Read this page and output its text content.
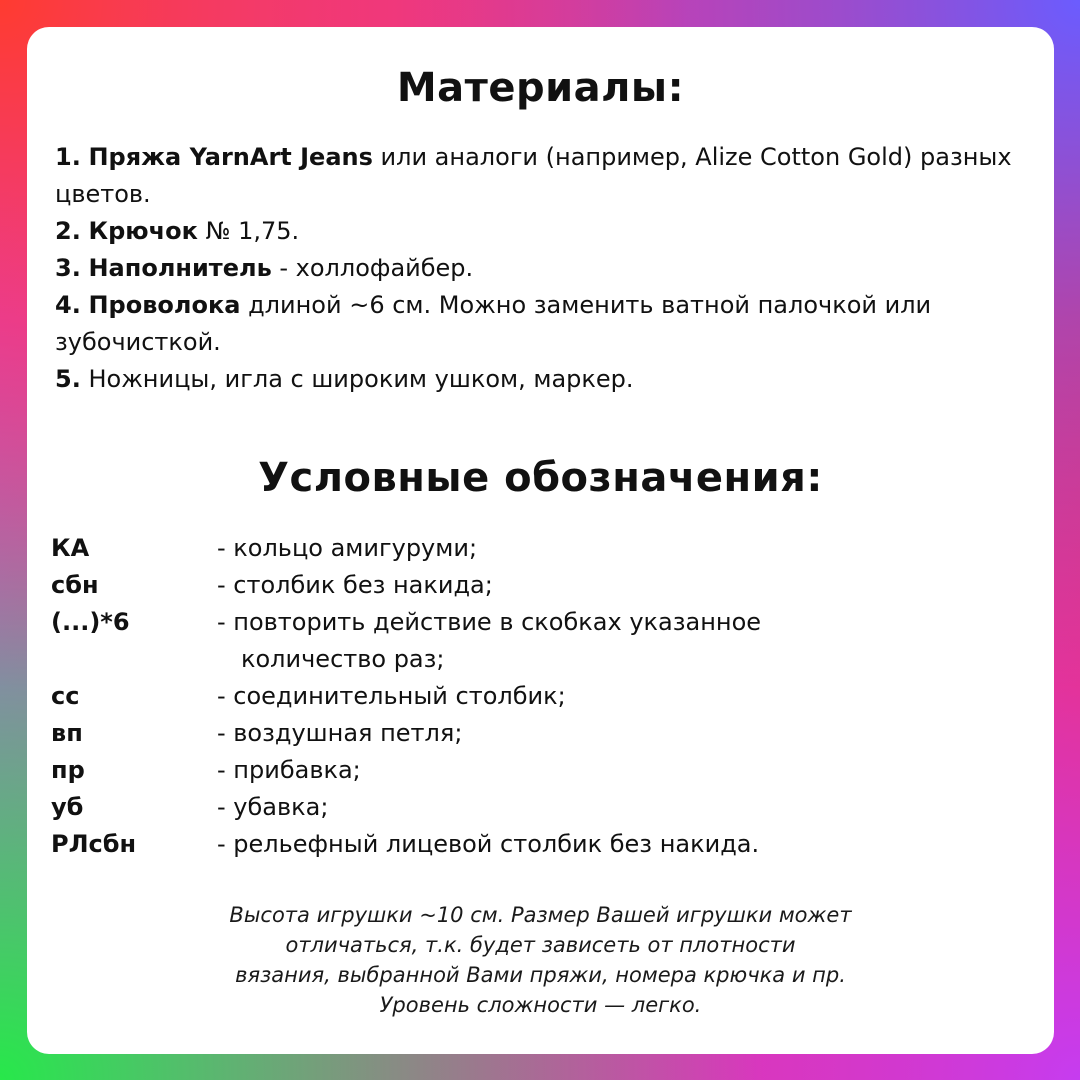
Материалы:
1. Пряжа YarnArt Jeans или аналоги (например, Alize Cotton Gold) разных цветов.
2. Крючок № 1,75.
3. Наполнитель - холлофайбер.
4. Проволока длиной ~6 см. Можно заменить ватной палочкой или зубочисткой.
5. Ножницы, игла с широким ушком, маркер.
Условные обозначения:
КА	- кольцо амигуруми;
сбн	- столбик без накида;
(...)*6	- повторить действие в скобках указанное
количество раз;
сс	- соединительный столбик;
вп	- воздушная петля;
пр	- прибавка;
уб	- убавка;
РЛсбн	- рельефный лицевой столбик без накида.
Высота игрушки ~10 см. Размер Вашей игрушки может
отличаться, т.к. будет зависеть от плотности
вязания, выбранной Вами пряжи, номера крючка и пр.
Уровень сложности — легко.
